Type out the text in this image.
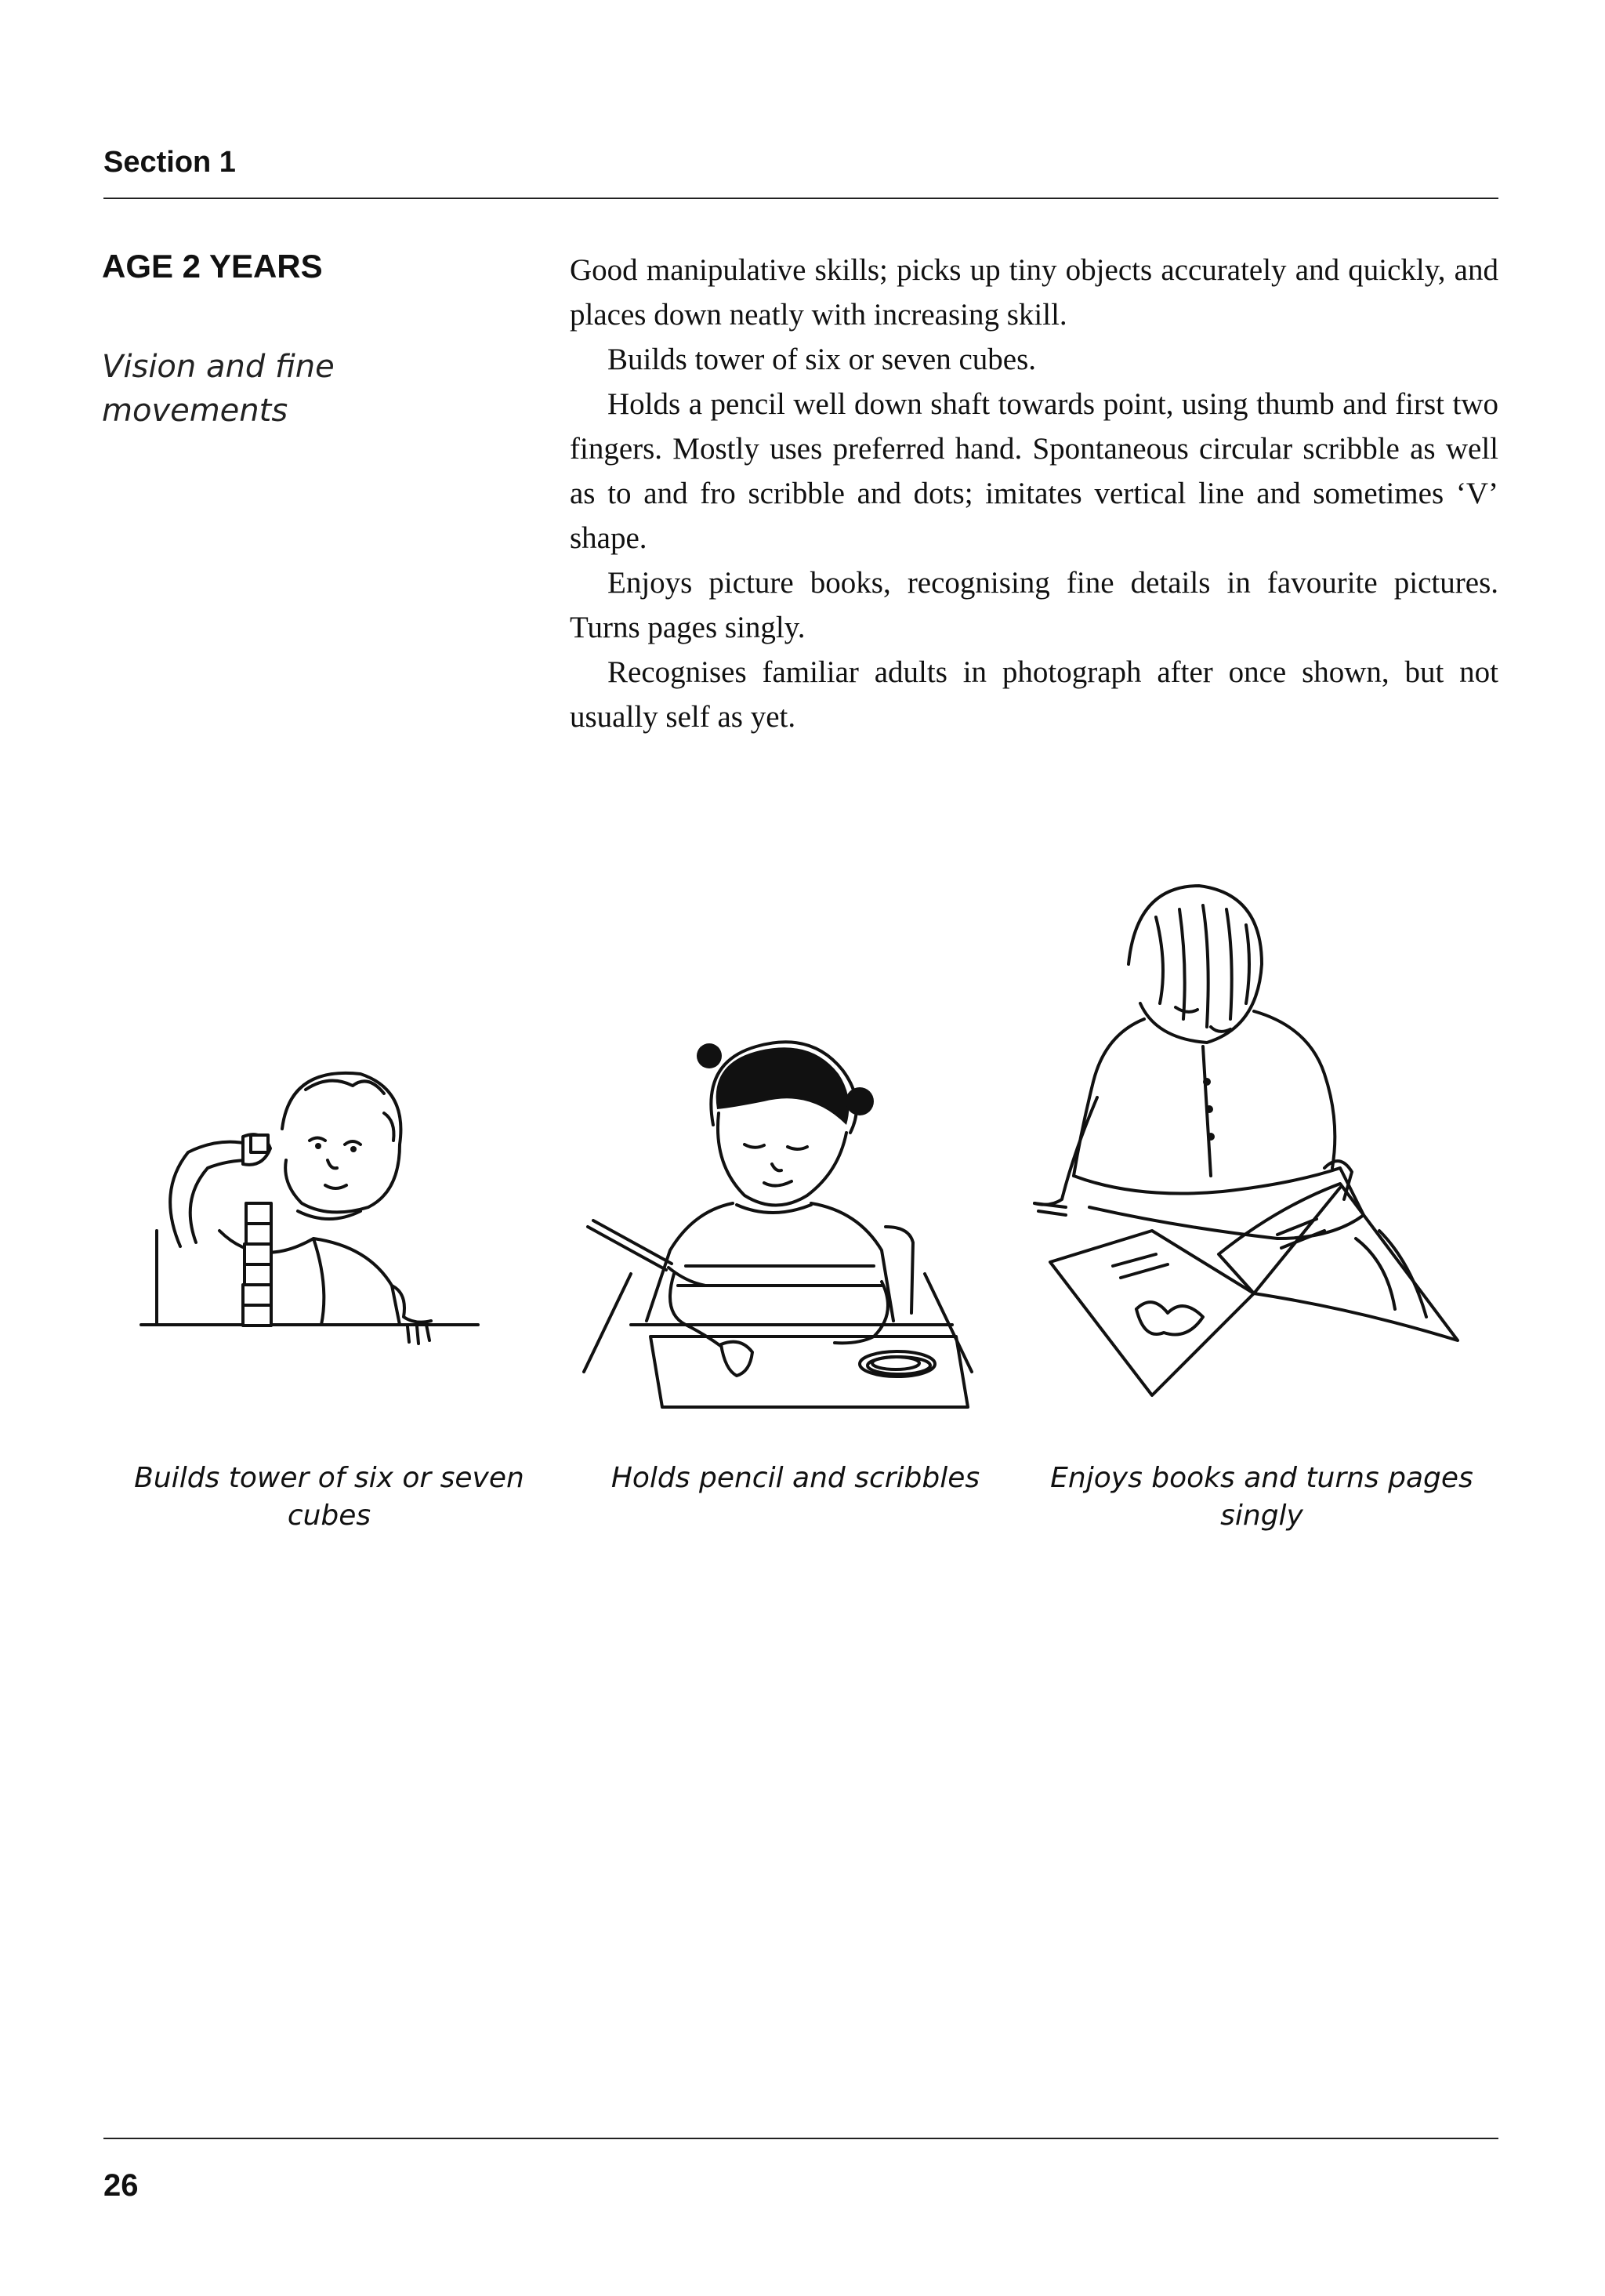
Section 1
AGE 2 YEARS
Vision and fine movements

Good manipulative skills; picks up tiny objects accurately and quickly, and places down neatly with increasing skill.

Builds tower of six or seven cubes.

Holds a pencil well down shaft towards point, using thumb and first two fingers. Mostly uses preferred hand. Spontaneous circular scribble as well as to and fro scribble and dots; imitates vertical line and sometimes ‘V’ shape.

Enjoys picture books, recognising fine details in favourite pictures. Turns pages singly.

Recognises familiar adults in photograph after once shown, but not usually self as yet.

Builds tower of six or seven cubes
Holds pencil and scribbles	Enjoys books and turns pages singly
26
